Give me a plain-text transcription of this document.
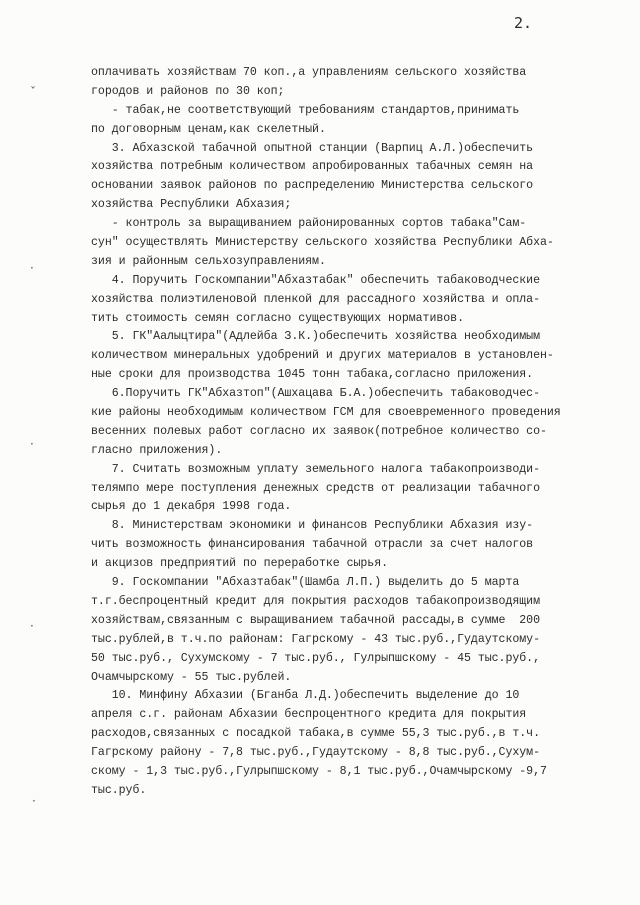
2.
ˇ
·
·
·
·
оплачивать хозяйствам 70 коп.,а управлениям сельского хозяйства
городов и районов по 30 коп;
- табак,не соответствующий требованиям стандартов,принимать
по договорным ценам,как скелетный.
3. Абхазской табачной опытной станции (Варпиц А.Л.)обеспечить
хозяйства потребным количеством апробированных табачных семян на
основании заявок районов по распределению Министерства сельского
хозяйства Республики Абхазия;
- контроль за выращиванием районированных сортов табака"Сам-
сун" осуществлять Министерству сельского хозяйства Республики Абха-
зия и районным сельхозуправлениям.
4. Поручить Госкомпании"Абхазтабак" обеспечить табаководческие
хозяйства полиэтиленовой пленкой для рассадного хозяйства и опла-
тить стоимость семян согласно существующих нормативов.
5. ГК"Аалыцтира"(Адлейба З.К.)обеспечить хозяйства необходимым
количеством минеральных удобрений и других материалов в установлен-
ные сроки для производства 1045 тонн табака,согласно приложения.
6.Поручить ГК"Абхазтоп"(Ашхацава Б.А.)обеспечить табаководчес-
кие районы необходимым количеством ГСМ для своевременного проведения
весенних полевых работ согласно их заявок(потребное количество со-
гласно приложения).
7. Считать возможным уплату земельного налога табакопроизводи-
телямпо мере поступления денежных средств от реализации табачного
сырья до 1 декабря 1998 года.
8. Министерствам экономики и финансов Республики Абхазия изу-
чить возможность финансирования табачной отрасли за счет налогов
и акцизов предприятий по переработке сырья.
9. Госкомпании "Абхазтабак"(Шамба Л.П.) выделить до 5 марта
т.г.беспроцентный кредит для покрытия расходов табакопроизводящим
хозяйствам,связанным с выращиванием табачной рассады,в сумме  200
тыс.рублей,в т.ч.по районам: Гагрскому - 43 тыс.руб.,Гудаутскому-
50 тыс.руб., Сухумскому - 7 тыс.руб., Гулрыпшскому - 45 тыс.руб.,
Очамчырскому - 55 тыс.рублей.
10. Минфину Абхазии (Бганба Л.Д.)обеспечить выделение до 10
апреля с.г. районам Абхазии беспроцентного кредита для покрытия
расходов,связанных с посадкой табака,в сумме 55,3 тыс.руб.,в т.ч.
Гагрскому району - 7,8 тыс.руб.,Гудаутскому - 8,8 тыс.руб.,Сухум-
скому - 1,3 тыс.руб.,Гулрыпшскому - 8,1 тыс.руб.,Очамчырскому -9,7
тыс.руб.
